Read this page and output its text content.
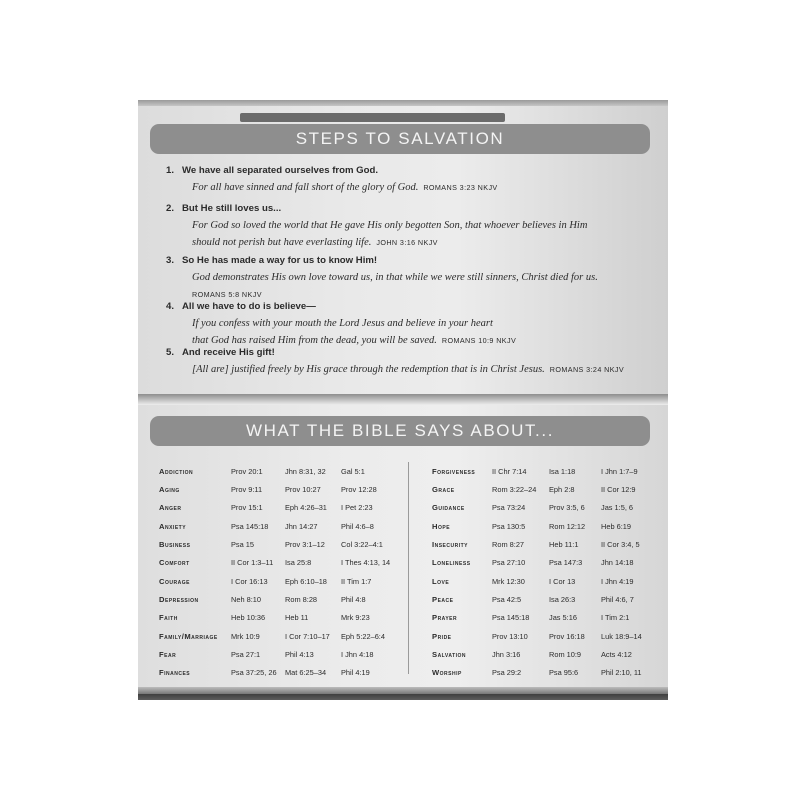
STEPS TO SALVATION
1. We have all separated ourselves from God.
For all have sinned and fall short of the glory of God. ROMANS 3:23 NKJV
2. But He still loves us...
For God so loved the world that He gave His only begotten Son, that whoever believes in Him
should not perish but have everlasting life. JOHN 3:16 NKJV
3. So He has made a way for us to know Him!
God demonstrates His own love toward us, in that while we were still sinners, Christ died for us.
ROMANS 5:8 NKJV
4. All we have to do is believe—
If you confess with your mouth the Lord Jesus and believe in your heart
that God has raised Him from the dead, you will be saved. ROMANS 10:9 NKJV
5. And receive His gift!
[All are] justified freely by His grace through the redemption that is in Christ Jesus. ROMANS 3:24 NKJV
WHAT THE BIBLE SAYS ABOUT...
Addiction	Prov 20:1	Jhn 8:31, 32	Gal 5:1
Aging	Prov 9:11	Prov 10:27	Prov 12:28
Anger	Prov 15:1	Eph 4:26–31	I Pet 2:23
Anxiety	Psa 145:18	Jhn 14:27	Phil 4:6–8
Business	Psa 15	Prov 3:1–12	Col 3:22–4:1
Comfort	II Cor 1:3–11	Isa 25:8	I Thes 4:13, 14
Courage	I Cor 16:13	Eph 6:10–18	II Tim 1:7
Depression	Neh 8:10	Rom 8:28	Phil 4:8
Faith	Heb 10:36	Heb 11	Mrk 9:23
Family/Marriage	Mrk 10:9	I Cor 7:10–17	Eph 5:22–6:4
Fear	Psa 27:1	Phil 4:13	I Jhn 4:18
Finances	Psa 37:25, 26	Mat 6:25–34	Phil 4:19
Forgiveness	II Chr 7:14	Isa 1:18	I Jhn 1:7–9
Grace	Rom 3:22–24	Eph 2:8	II Cor 12:9
Guidance	Psa 73:24	Prov 3:5, 6	Jas 1:5, 6
Hope	Psa 130:5	Rom 12:12	Heb 6:19
Insecurity	Rom 8:27	Heb 11:1	II Cor 3:4, 5
Loneliness	Psa 27:10	Psa 147:3	Jhn 14:18
Love	Mrk 12:30	I Cor 13	I Jhn 4:19
Peace	Psa 42:5	Isa 26:3	Phil 4:6, 7
Prayer	Psa 145:18	Jas 5:16	I Tim 2:1
Pride	Prov 13:10	Prov 16:18	Luk 18:9–14
Salvation	Jhn 3:16	Rom 10:9	Acts 4:12
Worship	Psa 29:2	Psa 95:6	Phil 2:10, 11
